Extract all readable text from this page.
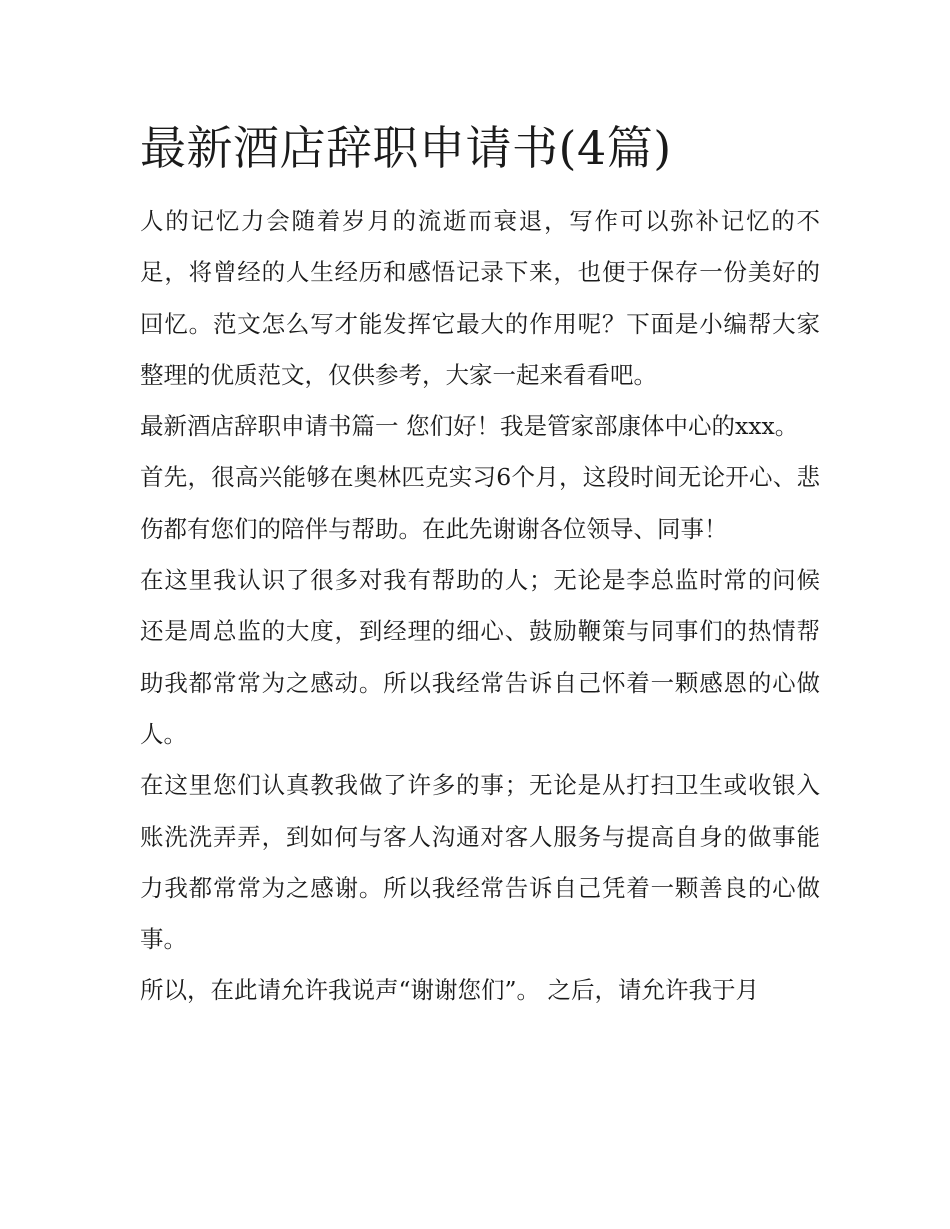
最新酒店辞职申请书(4篇)

人的记忆力会随着岁月的流逝而衰退，写作可以弥补记忆的不足，将曾经的人生经历和感悟记录下来，也便于保存一份美好的回忆。范文怎么写才能发挥它最大的作用呢？下面是小编帮大家整理的优质范文，仅供参考，大家一起来看看吧。

最新酒店辞职申请书篇一 您们好！我是管家部康体中心的xxx。

首先，很高兴能够在奥林匹克实习6个月，这段时间无论开心、悲伤都有您们的陪伴与帮助。在此先谢谢各位领导、同事！

在这里我认识了很多对我有帮助的人；无论是李总监时常的问候还是周总监的大度，到经理的细心、鼓励鞭策与同事们的热情帮助我都常常为之感动。所以我经常告诉自己怀着一颗感恩的心做人。

在这里您们认真教我做了许多的事；无论是从打扫卫生或收银入账洗洗弄弄，到如何与客人沟通对客人服务与提高自身的做事能力我都常常为之感谢。所以我经常告诉自己凭着一颗善良的心做事。

所以，在此请允许我说声“谢谢您们”。 之后，请允许我于月
